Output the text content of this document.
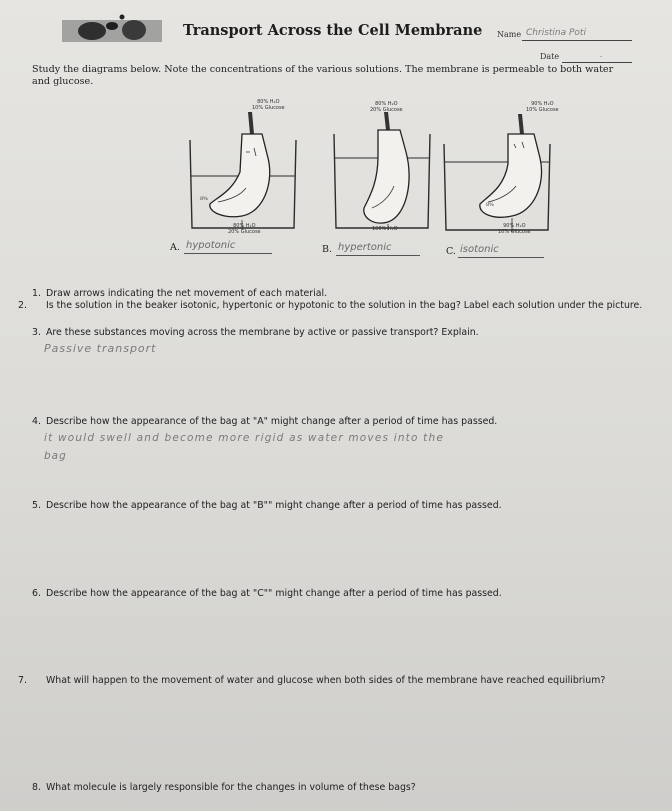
Transport Across the Cell Membrane Name Christina Poti
Date	.
Study the diagrams below. Note the concentrations of the various solutions. The membrane is permeable to both water and glucose.
80% H₂O
10% Glucose
8%
80% H₂O
20% Glucose
A. hypotonic
80% H₂O
20% Glucose
100% H₂O
B. hypertonic
90% H₂O
10% Glucose
8%
90% H₂O
10% Glucose
C. isotonic
1. Draw arrows indicating the net movement of each material.
2. Is the solution in the beaker isotonic, hypertonic or hypotonic to the solution in the bag? Label each solution under the picture.
3. Are these substances moving across the membrane by active or passive transport? Explain.
Passive transport
4. Describe how the appearance of the bag at "A" might change after a period of time has passed.
it would swell and become more rigid as water moves into the
bag
5. Describe how the appearance of the bag at "B"" might change after a period of time has passed.
6. Describe how the appearance of the bag at "C"" might change after a period of time has passed.
7. What will happen to the movement of water and glucose when both sides of the membrane have reached equilibrium?
8. What molecule is largely responsible for the changes in volume of these bags?
